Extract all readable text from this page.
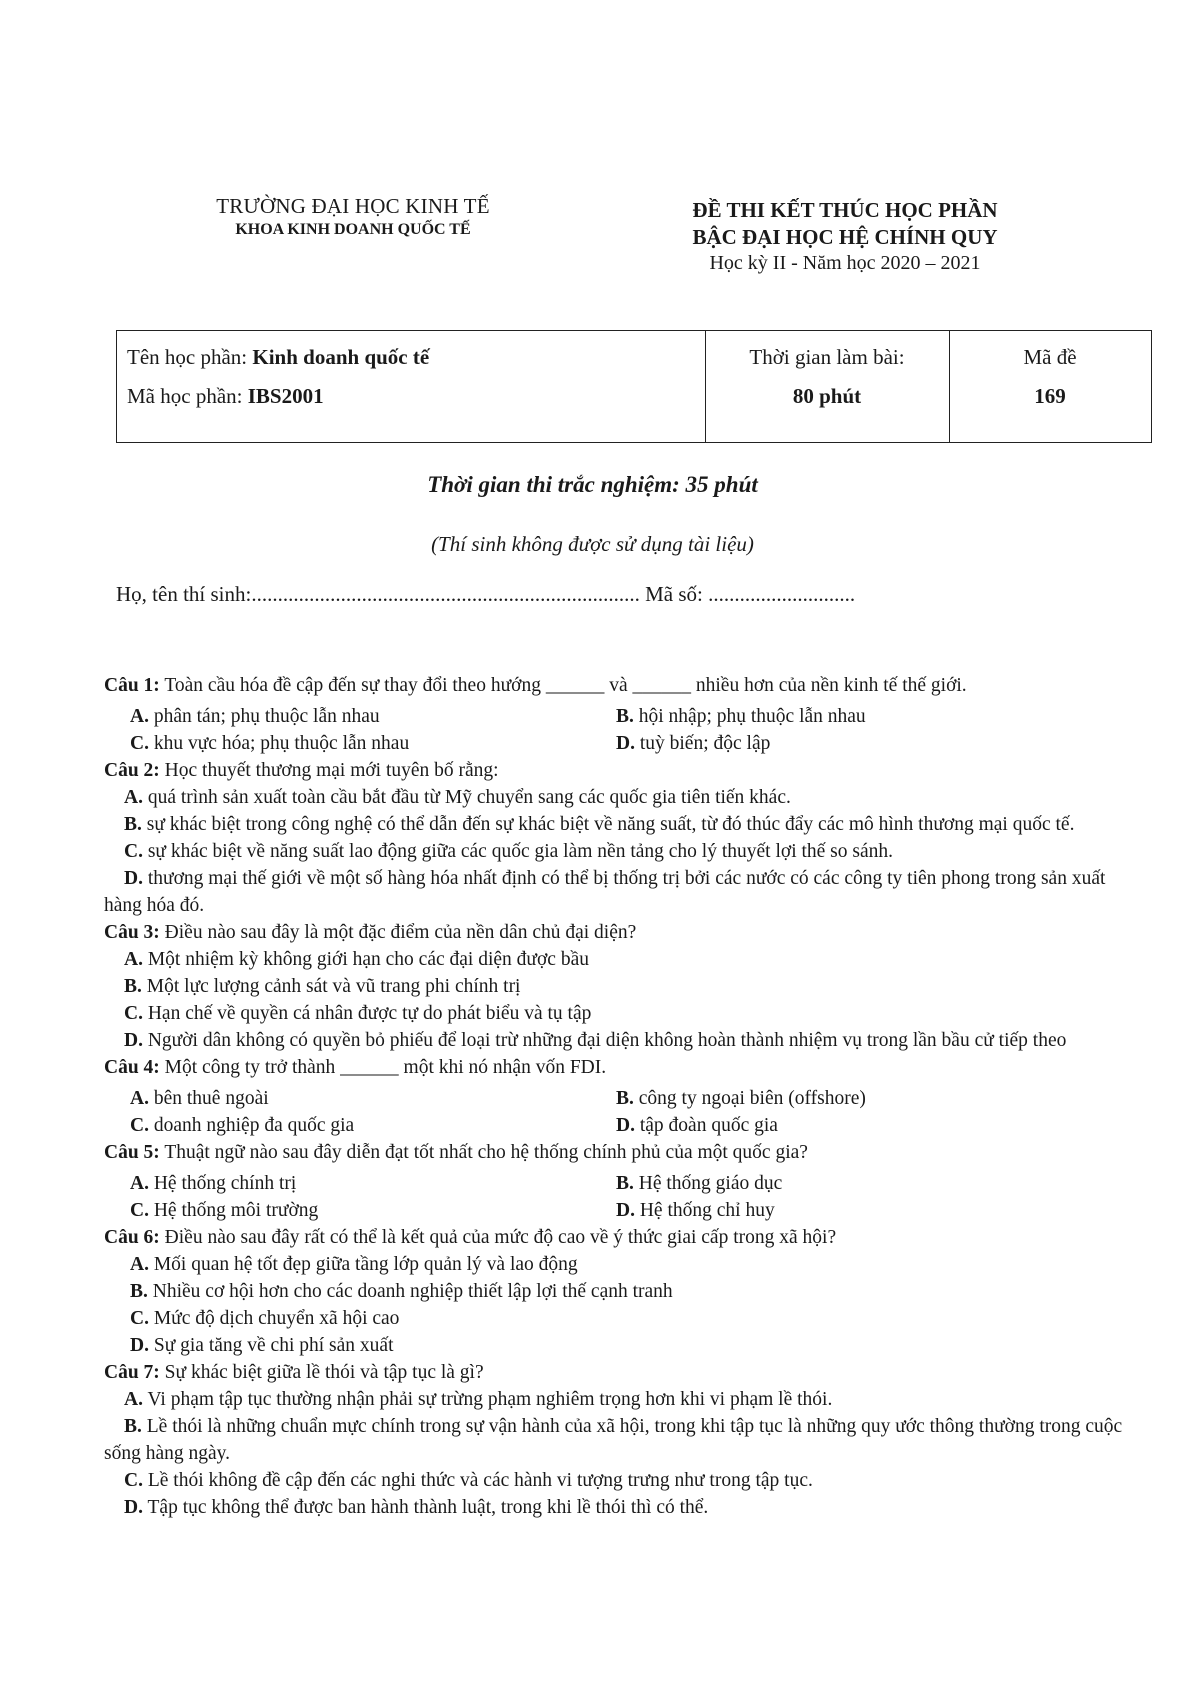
TRƯỜNG ĐẠI HỌC KINH TẾ
KHOA KINH DOANH QUỐC TẾ
ĐỀ THI KẾT THÚC HỌC PHẦN
BẬC ĐẠI HỌC HỆ CHÍNH QUY
Học kỳ II - Năm học 2020 – 2021
Tên học phần: Kinh doanh quốc tế
Mã học phần: IBS2001
Thời gian làm bài:
80 phút
Mã đề
169
Thời gian thi trắc nghiệm: 35 phút
(Thí sinh không được sử dụng tài liệu)
Họ, tên thí sinh:.......................................................................... Mã số: ............................
Câu 1: Toàn cầu hóa đề cập đến sự thay đổi theo hướng ______ và ______ nhiều hơn của nền kinh tế thế giới.
A. phân tán; phụ thuộc lẫn nhau	B. hội nhập; phụ thuộc lẫn nhau
C. khu vực hóa; phụ thuộc lẫn nhau	D. tuỳ biến; độc lập
Câu 2: Học thuyết thương mại mới tuyên bố rằng:
A. quá trình sản xuất toàn cầu bắt đầu từ Mỹ chuyển sang các quốc gia tiên tiến khác.
B. sự khác biệt trong công nghệ có thể dẫn đến sự khác biệt về năng suất, từ đó thúc đẩy các mô hình thương mại quốc tế.
C. sự khác biệt về năng suất lao động giữa các quốc gia làm nền tảng cho lý thuyết lợi thế so sánh.
D. thương mại thế giới về một số hàng hóa nhất định có thể bị thống trị bởi các nước có các công ty tiên phong trong sản xuất hàng hóa đó.
Câu 3: Điều nào sau đây là một đặc điểm của nền dân chủ đại diện?
A. Một nhiệm kỳ không giới hạn cho các đại diện được bầu
B. Một lực lượng cảnh sát và vũ trang phi chính trị
C. Hạn chế về quyền cá nhân được tự do phát biểu và tụ tập
D. Người dân không có quyền bỏ phiếu để loại trừ những đại diện không hoàn thành nhiệm vụ trong lần bầu cử tiếp theo
Câu 4: Một công ty trở thành ______ một khi nó nhận vốn FDI.
A. bên thuê ngoài	B. công ty ngoại biên (offshore)
C. doanh nghiệp đa quốc gia	D. tập đoàn quốc gia
Câu 5: Thuật ngữ nào sau đây diễn đạt tốt nhất cho hệ thống chính phủ của một quốc gia?
A. Hệ thống chính trị	B. Hệ thống giáo dục
C. Hệ thống môi trường	D. Hệ thống chỉ huy
Câu 6: Điều nào sau đây rất có thể là kết quả của mức độ cao về ý thức giai cấp trong xã hội?
A. Mối quan hệ tốt đẹp giữa tầng lớp quản lý và lao động
B. Nhiều cơ hội hơn cho các doanh nghiệp thiết lập lợi thế cạnh tranh
C. Mức độ dịch chuyển xã hội cao
D. Sự gia tăng về chi phí sản xuất
Câu 7: Sự khác biệt giữa lề thói và tập tục là gì?
A. Vi phạm tập tục thường nhận phải sự trừng phạm nghiêm trọng hơn khi vi phạm lề thói.
B. Lề thói là những chuẩn mực chính trong sự vận hành của xã hội, trong khi tập tục là những quy ước thông thường trong cuộc sống hàng ngày.
C. Lề thói không đề cập đến các nghi thức và các hành vi tượng trưng như trong tập tục.
D. Tập tục không thể được ban hành thành luật, trong khi lề thói thì có thể.
